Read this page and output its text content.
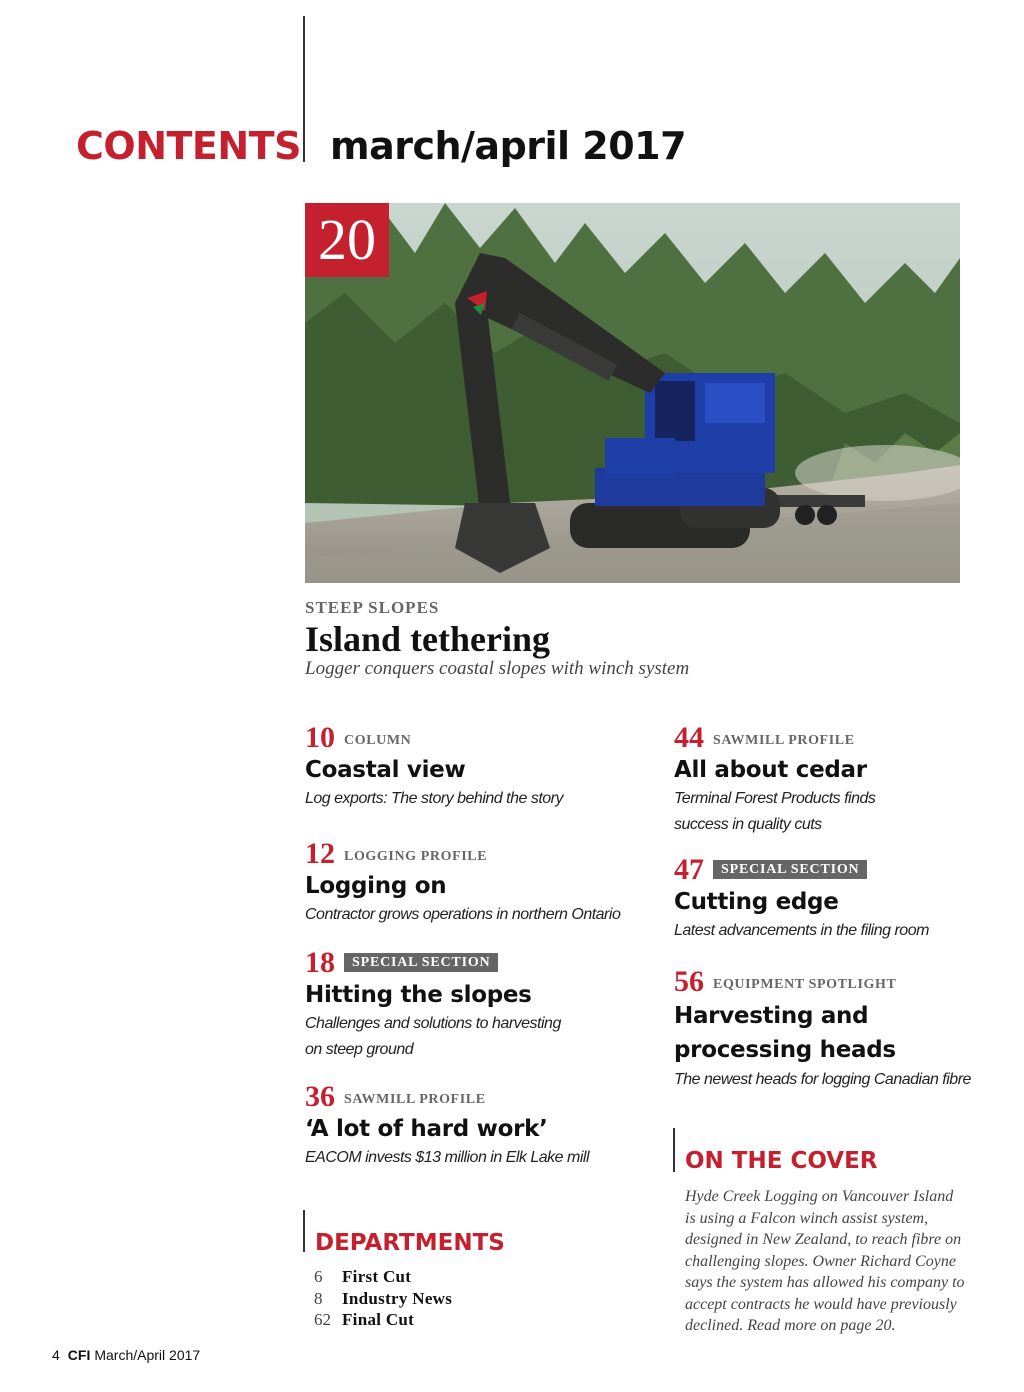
CONTENTS march/april 2017
20
STEEP SLOPES
Island tethering
Logger conquers coastal slopes with winch system
10 COLUMN
Coastal view
Log exports: The story behind the story
12 LOGGING PROFILE
Logging on
Contractor grows operations in northern Ontario
18	SPECIAL SECTION
Hitting the slopes
Challenges and solutions to harvesting
on steep ground
36 SAWMILL PROFILE
‘A lot of hard work’
EACOM invests $13 million in Elk Lake mill
44 SAWMILL PROFILE
All about cedar
Terminal Forest Products finds
success in quality cuts
47	SPECIAL SECTION
Cutting edge
Latest advancements in the filing room
56 EQUIPMENT SPOTLIGHT
Harvesting and
processing heads
The newest heads for logging Canadian fibre
DEPARTMENTS
6	First Cut
8	Industry News
62 Final Cut
ON THE COVER
Hyde Creek Logging on Vancouver Island
is using a Falcon winch assist system,
designed in New Zealand, to reach fibre on
challenging slopes. Owner Richard Coyne
says the system has allowed his company to
accept contracts he would have previously
declined. Read more on page 20.
4 CFI March/April 2017
